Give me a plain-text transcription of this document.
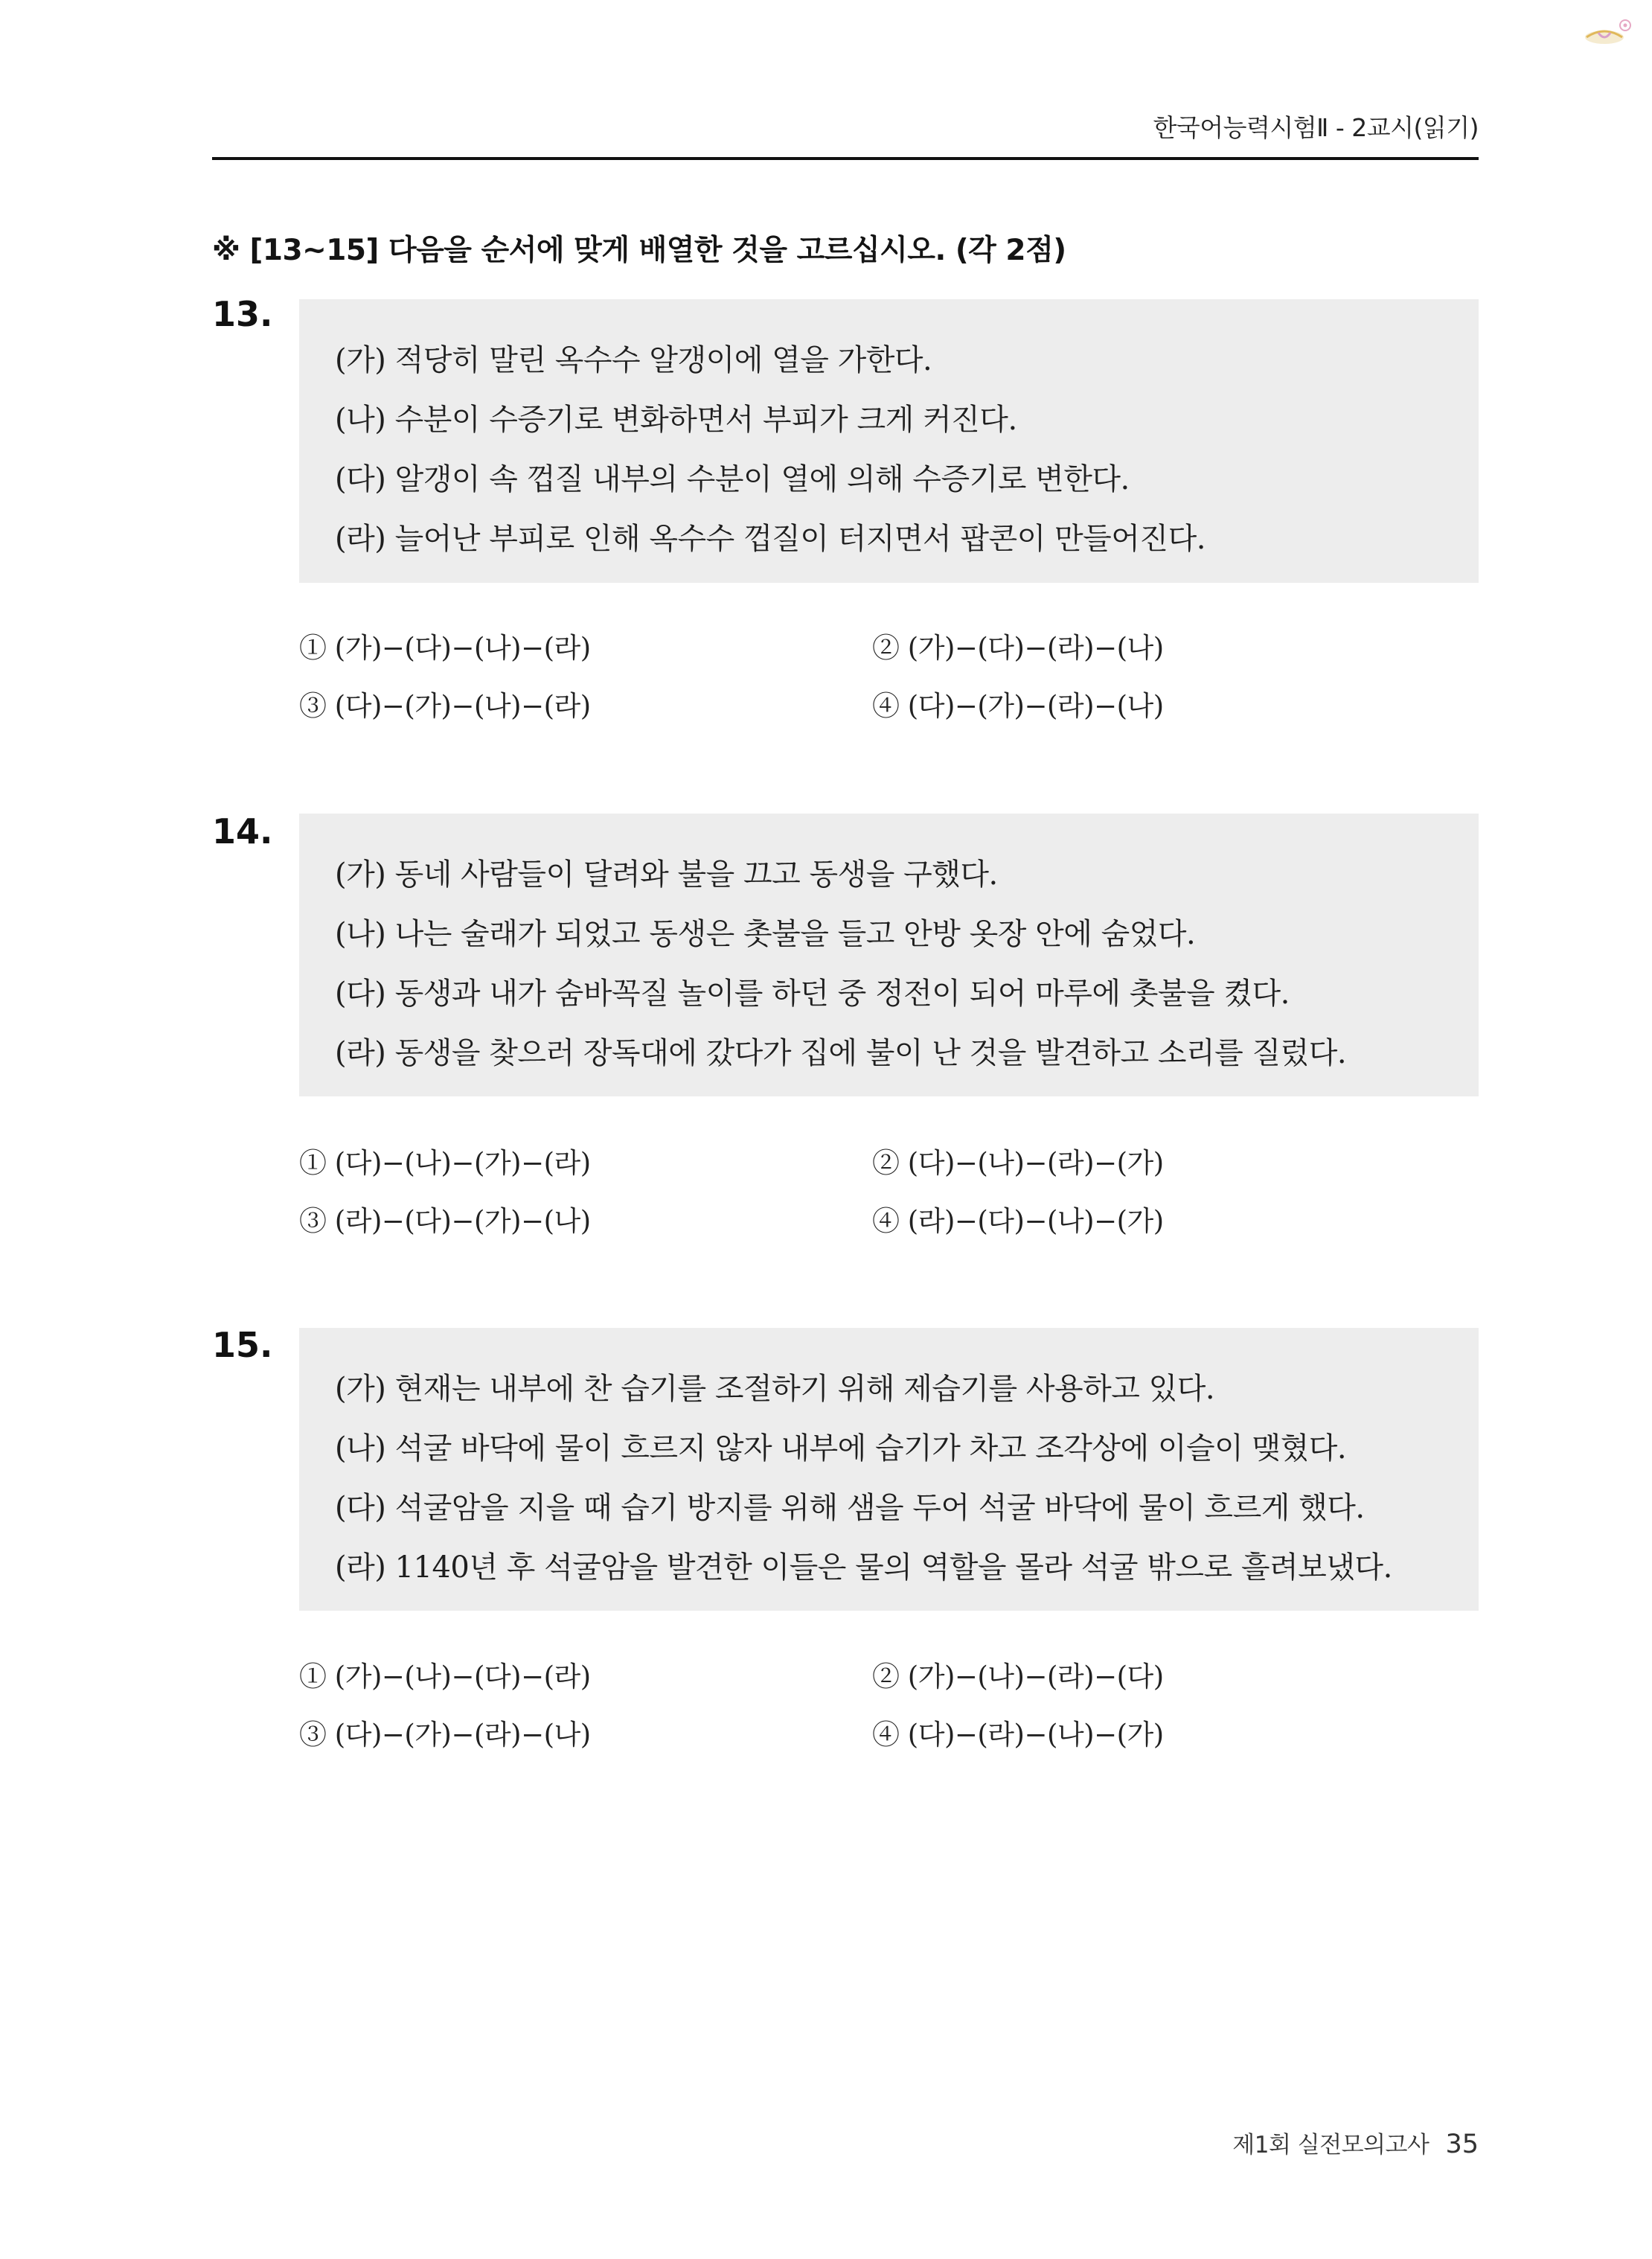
한국어능력시험Ⅱ - 2교시(읽기)
※ [13~15] 다음을 순서에 맞게 배열한 것을 고르십시오. (각 2점)
13.
(가) 적당히 말린 옥수수 알갱이에 열을 가한다.
(나) 수분이 수증기로 변화하면서 부피가 크게 커진다.
(다) 알갱이 속 껍질 내부의 수분이 열에 의해 수증기로 변한다.
(라) 늘어난 부피로 인해 옥수수 껍질이 터지면서 팝콘이 만들어진다.
① (가)−(다)−(나)−(라)	② (가)−(다)−(라)−(나)
③ (다)−(가)−(나)−(라)	④ (다)−(가)−(라)−(나)
14.
(가) 동네 사람들이 달려와 불을 끄고 동생을 구했다.
(나) 나는 술래가 되었고 동생은 촛불을 들고 안방 옷장 안에 숨었다.
(다) 동생과 내가 숨바꼭질 놀이를 하던 중 정전이 되어 마루에 촛불을 켰다.
(라) 동생을 찾으러 장독대에 갔다가 집에 불이 난 것을 발견하고 소리를 질렀다.
① (다)−(나)−(가)−(라)	② (다)−(나)−(라)−(가)
③ (라)−(다)−(가)−(나)	④ (라)−(다)−(나)−(가)
15.
(가) 현재는 내부에 찬 습기를 조절하기 위해 제습기를 사용하고 있다.
(나) 석굴 바닥에 물이 흐르지 않자 내부에 습기가 차고 조각상에 이슬이 맺혔다.
(다) 석굴암을 지을 때 습기 방지를 위해 샘을 두어 석굴 바닥에 물이 흐르게 했다.
(라) 1140년 후 석굴암을 발견한 이들은 물의 역할을 몰라 석굴 밖으로 흘려보냈다.
① (가)−(나)−(다)−(라)	② (가)−(나)−(라)−(다)
③ (다)−(가)−(라)−(나)	④ (다)−(라)−(나)−(가)
제1회 실전모의고사 35
